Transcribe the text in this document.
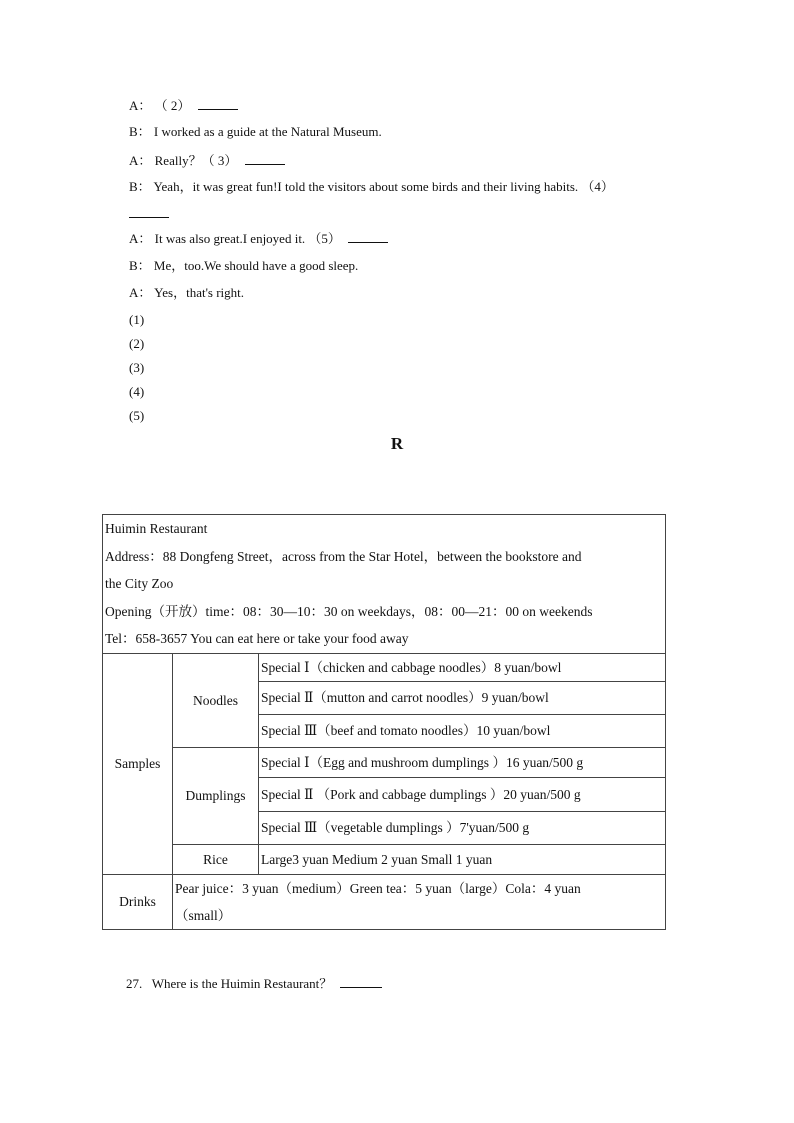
A： （ 2）
B： I worked as a guide at the Natural Museum.
A： Really？（ 3）
B： Yeah，it was great fun!I told the visitors about some birds and their living habits. （4）
A： It was also great.I enjoyed it. （5）
B： Me，too.We should have a good sleep.
A： Yes，that's right.
(1)
(2)
(3)
(4)
(5)
R
Huimin Restaurant
Address：88 Dongfeng Street，across from the Star Hotel，between the bookstore and
the City Zoo
Opening（开放）time：08：30—10：30 on weekdays，08：00—21：00 on weekends
Tel：658-3657 You can eat here or take your food away		

Samples	Noodles	Special Ⅰ（chicken and cabbage noodles）8 yuan/bowl
		Special Ⅱ（mutton and carrot noodles）9 yuan/bowl
		Special Ⅲ（beef and tomato noodles）10 yuan/bowl
	Dumplings	Special Ⅰ（Egg and mushroom dumplings ）16 yuan/500 g
		Special Ⅱ （Pork and cabbage dumplings ）20 yuan/500 g
		Special Ⅲ（vegetable dumplings ）7'yuan/500 g
	Rice	Large3 yuan Medium 2 yuan Small 1 yuan
Drinks	Pear juice：3 yuan（medium）Green tea：5 yuan（large）Cola：4 yuan
（small）	
27. Where is the Huimin Restaurant？
